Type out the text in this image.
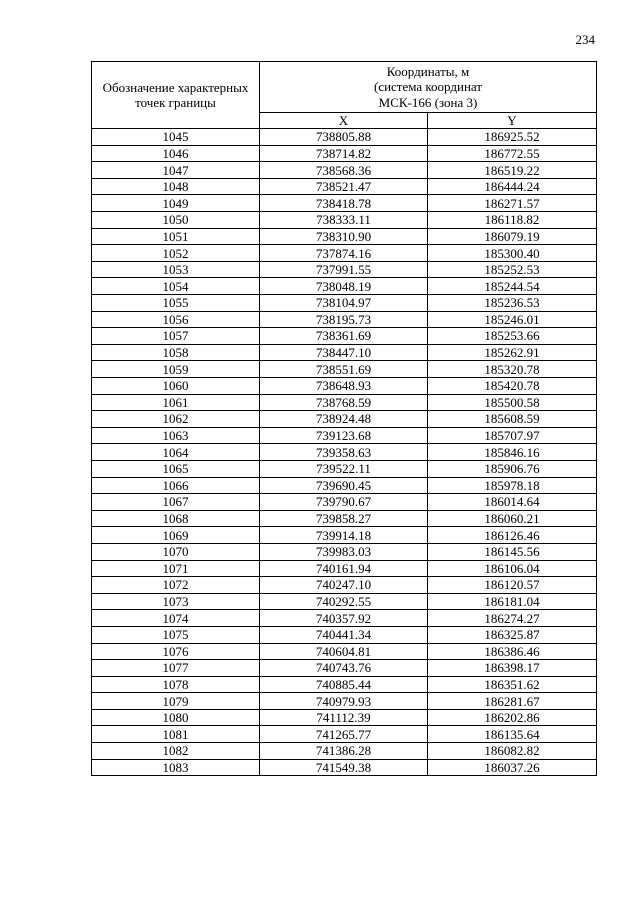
234
Обозначение характерных точек границы	Координаты, м
(система координат
МСК-166 (зона 3)	

	X	Y
1045	738805.88	186925.52
1046	738714.82	186772.55
1047	738568.36	186519.22
1048	738521.47	186444.24
1049	738418.78	186271.57
1050	738333.11	186118.82
1051	738310.90	186079.19
1052	737874.16	185300.40
1053	737991.55	185252.53
1054	738048.19	185244.54
1055	738104.97	185236.53
1056	738195.73	185246.01
1057	738361.69	185253.66
1058	738447.10	185262.91
1059	738551.69	185320.78
1060	738648.93	185420.78
1061	738768.59	185500.58
1062	738924.48	185608.59
1063	739123.68	185707.97
1064	739358.63	185846.16
1065	739522.11	185906.76
1066	739690.45	185978.18
1067	739790.67	186014.64
1068	739858.27	186060.21
1069	739914.18	186126.46
1070	739983.03	186145.56
1071	740161.94	186106.04
1072	740247.10	186120.57
1073	740292.55	186181.04
1074	740357.92	186274.27
1075	740441.34	186325.87
1076	740604.81	186386.46
1077	740743.76	186398.17
1078	740885.44	186351.62
1079	740979.93	186281.67
1080	741112.39	186202.86
1081	741265.77	186135.64
1082	741386.28	186082.82
1083	741549.38	186037.26
